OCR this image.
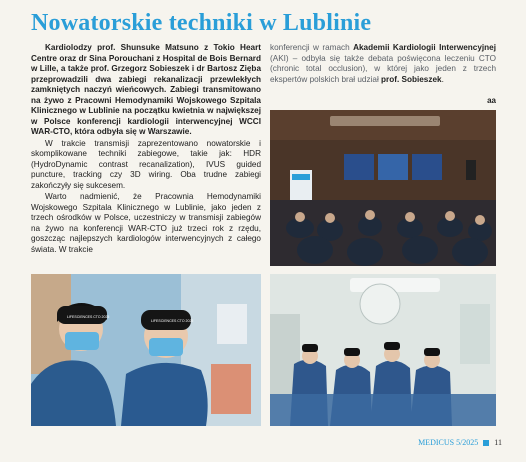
Nowatorskie techniki w Lublinie

Kardiolodzy prof. Shunsuke Matsuno z Tokio Heart Centre oraz dr Sina Porouchani z Hospital de Bois Bernard w Lille, a także prof. Grzegorz Sobieszek i dr Bartosz Zięba przeprowadzili dwa zabiegi rekanalizacji przewlekłych zamkniętych naczyń wieńcowych. Zabiegi transmitowano na żywo z Pracowni Hemodynamiki Wojskowego Szpitala Klinicznego w Lublinie na początku kwietnia w największej w Polsce konferencji kardiologii interwencyjnej WCCI WAR-CTO, która odbyła się w Warszawie.

W trakcie transmisji zaprezentowano nowatorskie i skomplikowane techniki zabiegowe, takie jak: HDR (HydroDynamic contrast recanalization), IVUS guided puncture, tracking czy 3D wiring. Oba trudne zabiegi zakończyły się sukcesem.

Warto nadmienić, że Pracownia Hemodynamiki Wojskowego Szpitala Klinicznego w Lublinie, jako jeden z trzech ośrodków w Polsce, uczestniczy w transmisji zabiegów na żywo na konferencji WAR-CTO już trzeci rok z rzędu, goszcząc najlepszych kardiologów interwencyjnych z całego świata. W trakcie

konferencji w ramach Akademii Kardiologii Interwencyjnej (AKI) – odbyła się także debata poświęcona leczeniu CTO (chronic total occlusion), w której jako jeden z trzech ekspertów polskich brał udział prof. Sobieszek.

aa
LIFESCIENCES CTO 2025
LIFESCIENCES CTO 2025
MEDICUS 5/2025 11
